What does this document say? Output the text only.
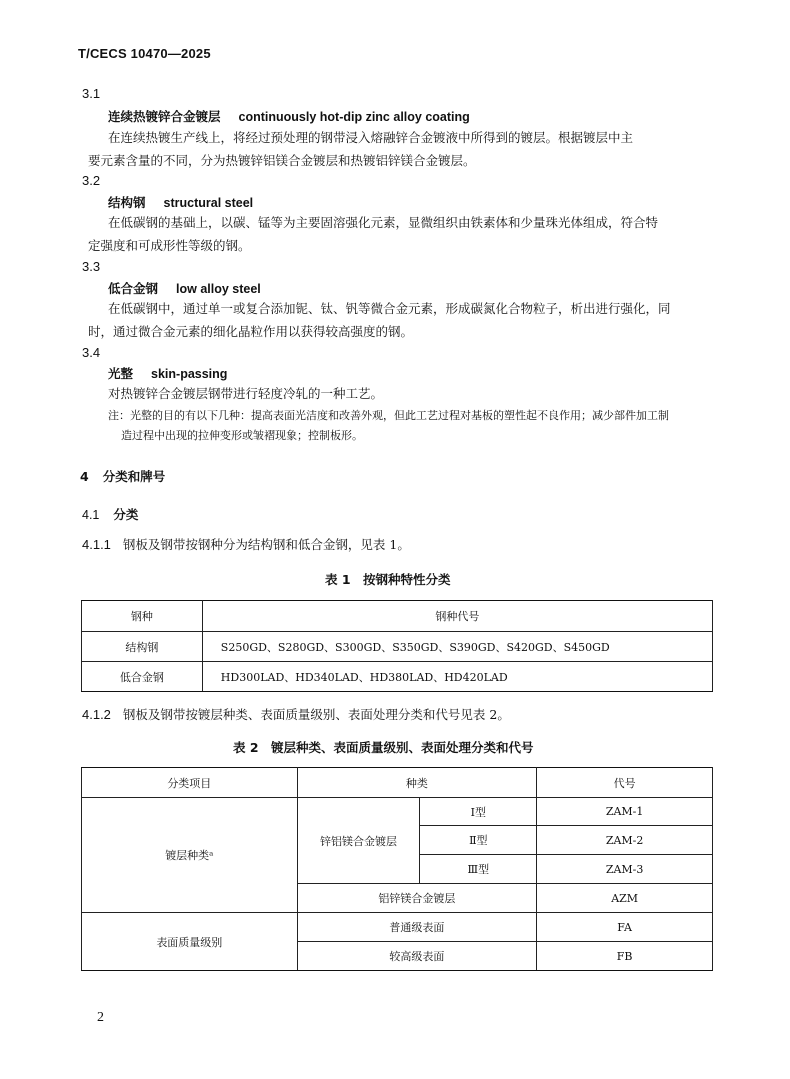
T/CECS 10470—2025
3.1
连续热镀锌合金镀层 continuously hot-dip zinc alloy coating
在连续热镀生产线上，将经过预处理的钢带浸入熔融锌合金镀液中所得到的镀层。根据镀层中主
要元素含量的不同，分为热镀锌铝镁合金镀层和热镀铝锌镁合金镀层。
3.2
结构钢 structural steel
在低碳钢的基础上，以碳、锰等为主要固溶强化元素，显微组织由铁素体和少量珠光体组成，符合特
定强度和可成形性等级的钢。
3.3
低合金钢 low alloy steel
在低碳钢中，通过单一或复合添加铌、钛、钒等微合金元素，形成碳氮化合物粒子，析出进行强化，同
时，通过微合金元素的细化晶粒作用以获得较高强度的钢。
3.4
光整 skin-passing
对热镀锌合金镀层钢带进行轻度冷轧的一种工艺。
注：光整的目的有以下几种：提高表面光洁度和改善外观，但此工艺过程对基板的塑性起不良作用；减少部件加工制
造过程中出现的拉伸变形或皱褶现象；控制板形。
4 分类和牌号
4.1 分类
4.1.1 钢板及钢带按钢种分为结构钢和低合金钢，见表 1。
表 1　按钢种特性分类
钢种	钢种代号
结构钢	S250GD、S280GD、S300GD、S350GD、S390GD、S420GD、S450GD
低合金钢	HD300LAD、HD340LAD、HD380LAD、HD420LAD
4.1.2 钢板及钢带按镀层种类、表面质量级别、表面处理分类和代号见表 2。
表 2　镀层种类、表面质量级别、表面处理分类和代号
分类项目	种类		代号
镀层种类ᵃ	锌铝镁合金镀层	Ⅰ型	ZAM-1
		Ⅱ型	ZAM-2
		Ⅲ型	ZAM-3
	铝锌镁合金镀层		AZM
表面质量级别	普通级表面		FA
	较高级表面		FB
2
